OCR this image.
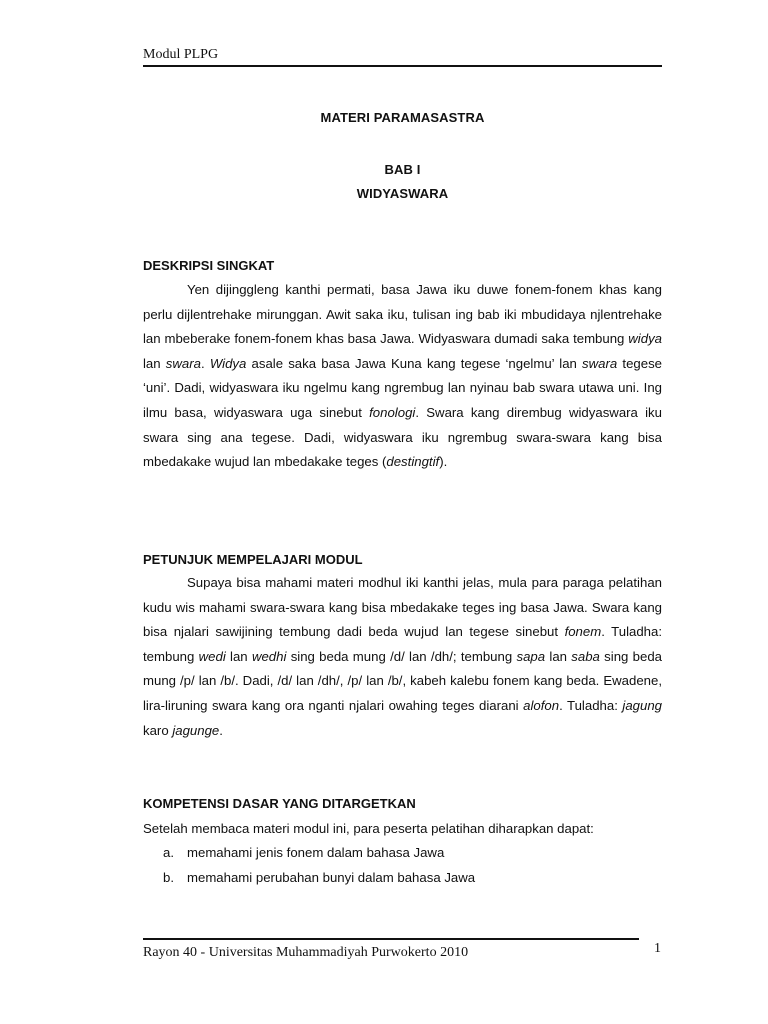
Modul PLPG
MATERI PARAMASASTRA
BAB I
WIDYASWARA
DESKRIPSI SINGKAT

Yen dijinggleng kanthi permati, basa Jawa iku duwe fonem-fonem khas kang perlu dijlentrehake mirunggan. Awit saka iku, tulisan ing bab iki mbudidaya njlentrehake lan mbeberake fonem-fonem khas basa Jawa. Widyaswara dumadi saka tembung widya lan swara. Widya asale saka basa Jawa Kuna kang tegese ‘ngelmu’ lan swara tegese ‘uni’. Dadi, widyaswara iku ngelmu kang ngrembug lan nyinau bab swara utawa uni. Ing ilmu basa, widyaswara uga sinebut fonologi. Swara kang dirembug widyaswara iku swara sing ana tegese. Dadi, widyaswara iku ngrembug swara-swara kang bisa mbedakake wujud lan mbedakake teges (destingtif).

PETUNJUK MEMPELAJARI MODUL

Supaya bisa mahami materi modhul iki kanthi jelas, mula para paraga pelatihan kudu wis mahami swara-swara kang bisa mbedakake teges ing basa Jawa. Swara kang bisa njalari sawijining tembung dadi beda wujud lan tegese sinebut fonem. Tuladha: tembung wedi lan wedhi sing beda mung /d/ lan /dh/; tembung sapa lan saba sing beda mung /p/ lan /b/. Dadi, /d/ lan /dh/, /p/ lan /b/, kabeh kalebu fonem kang beda. Ewadene, lira-liruning swara kang ora nganti njalari owahing teges diarani alofon. Tuladha: jagung karo jagunge.

KOMPETENSI DASAR YANG DITARGETKAN
Setelah membaca materi modul ini, para peserta pelatihan diharapkan dapat:
a. memahami jenis fonem dalam bahasa Jawa
b. memahami perubahan bunyi dalam bahasa Jawa
Rayon 40 - Universitas Muhammadiyah Purwokerto 2010	1
